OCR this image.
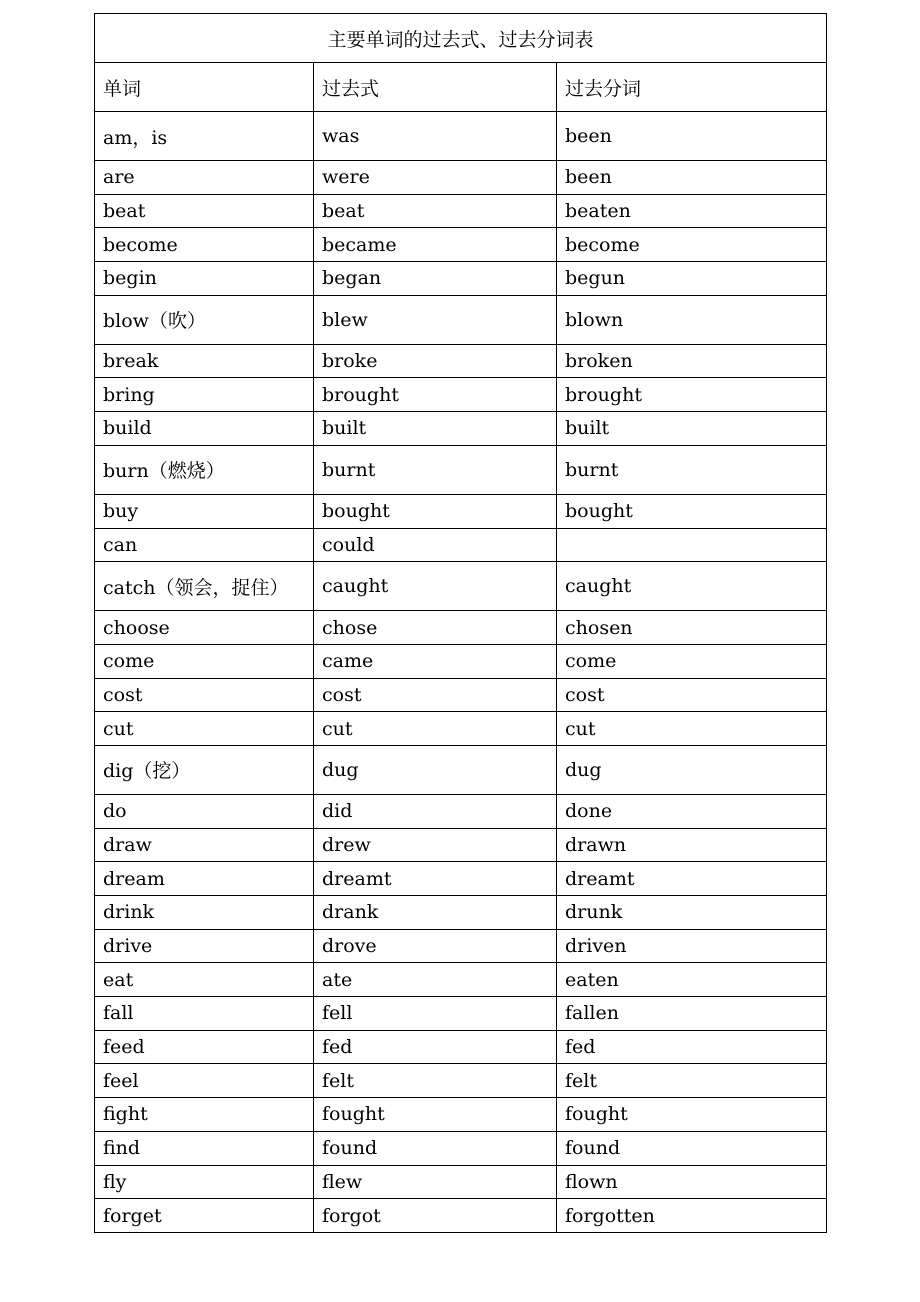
主要单词的过去式、过去分词表		
单词	过去式	过去分词
am，is	was	been
are	were	been
beat	beat	beaten
become	became	become
begin	began	begun
blow（吹）	blew	blown
break	broke	broken
bring	brought	brought
build	built	built
burn（燃烧）	burnt	burnt
buy	bought	bought
can	could	
catch（领会，捉住）	caught	caught
choose	chose	chosen
come	came	come
cost	cost	cost
cut	cut	cut
dig（挖）	dug	dug
do	did	done
draw	drew	drawn
dream	dreamt	dreamt
drink	drank	drunk
drive	drove	driven
eat	ate	eaten
fall	fell	fallen
feed	fed	fed
feel	felt	felt
fight	fought	fought
find	found	found
fly	flew	flown
forget	forgot	forgotten
